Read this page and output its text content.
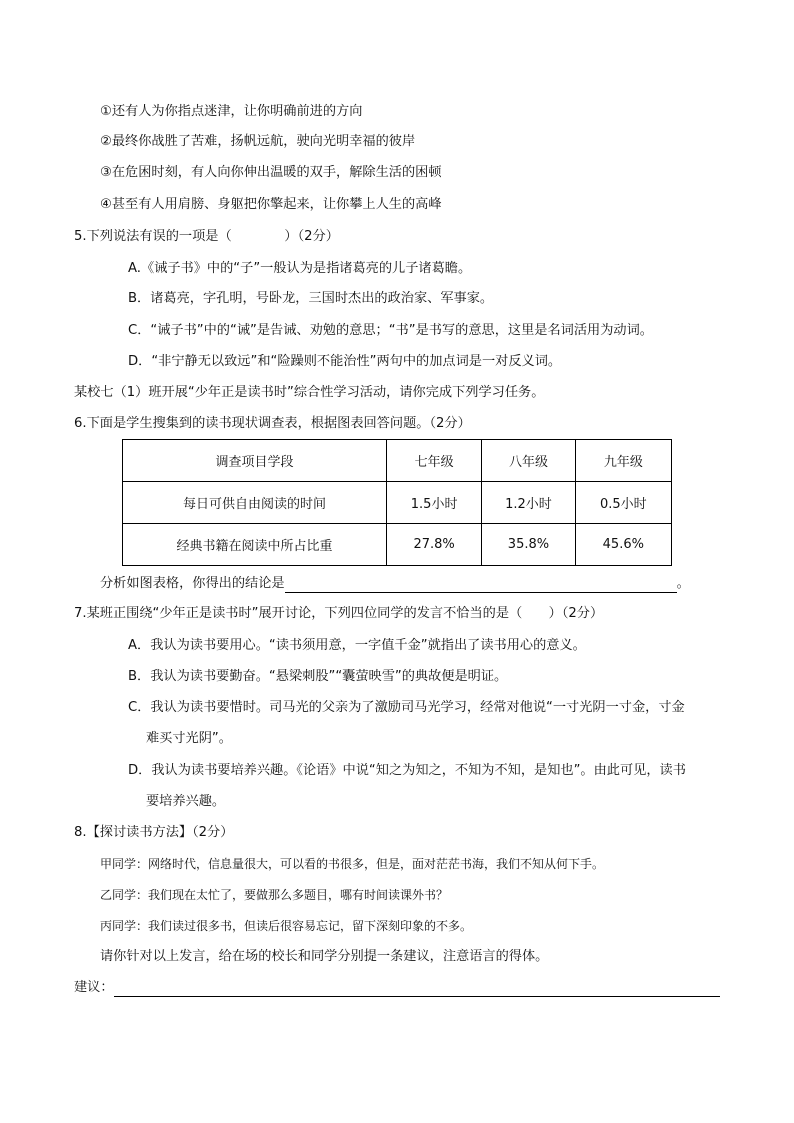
①还有人为你指点迷津，让你明确前进的方向
②最终你战胜了苦难，扬帆远航，驶向光明幸福的彼岸
③在危困时刻，有人向你伸出温暖的双手，解除生活的困顿
④甚至有人用肩膀、身躯把你擎起来，让你攀上人生的高峰
5.下列说法有误的一项是（　　　　）（2分）
A.《诫子书》中的“子”一般认为是指诸葛亮的儿子诸葛瞻。
B．诸葛亮，字孔明，号卧龙，三国时杰出的政治家、军事家。
C．“诫子书”中的“诫”是告诫、劝勉的意思；“书”是书写的意思，这里是名词活用为动词。
D．“非宁静无以致远”和“险躁则不能治性”两句中的加点词是一对反义词。
某校七（1）班开展“少年正是读书时”综合性学习活动，请你完成下列学习任务。
6.下面是学生搜集到的读书现状调查表，根据图表回答问题。（2分）
调查项目学段	七年级	八年级	九年级
每日可供自由阅读的时间	1.5小时	1.2小时	0.5小时
经典书籍在阅读中所占比重	27.8%	35.8%	45.6%
分析如图表格，你得出的结论是	。
7.某班正围绕“少年正是读书时”展开讨论，下列四位同学的发言不恰当的是（　　）（2分）
A．我认为读书要用心。“读书须用意，一字值千金”就指出了读书用心的意义。
B．我认为读书要勤奋。“悬梁刺股”“囊萤映雪”的典故便是明证。
C．我认为读书要惜时。司马光的父亲为了激励司马光学习，经常对他说“一寸光阴一寸金，寸金
难买寸光阴”。
D．我认为读书要培养兴趣。《论语》中说“知之为知之，不知为不知，是知也”。由此可见，读书
要培养兴趣。
8.【探讨读书方法】（2分）
甲同学：网络时代，信息量很大，可以看的书很多，但是，面对茫茫书海，我们不知从何下手。
乙同学：我们现在太忙了，要做那么多题目，哪有时间读课外书？
丙同学：我们读过很多书，但读后很容易忘记，留下深刻印象的不多。
请你针对以上发言，给在场的校长和同学分别提一条建议，注意语言的得体。
建议：
